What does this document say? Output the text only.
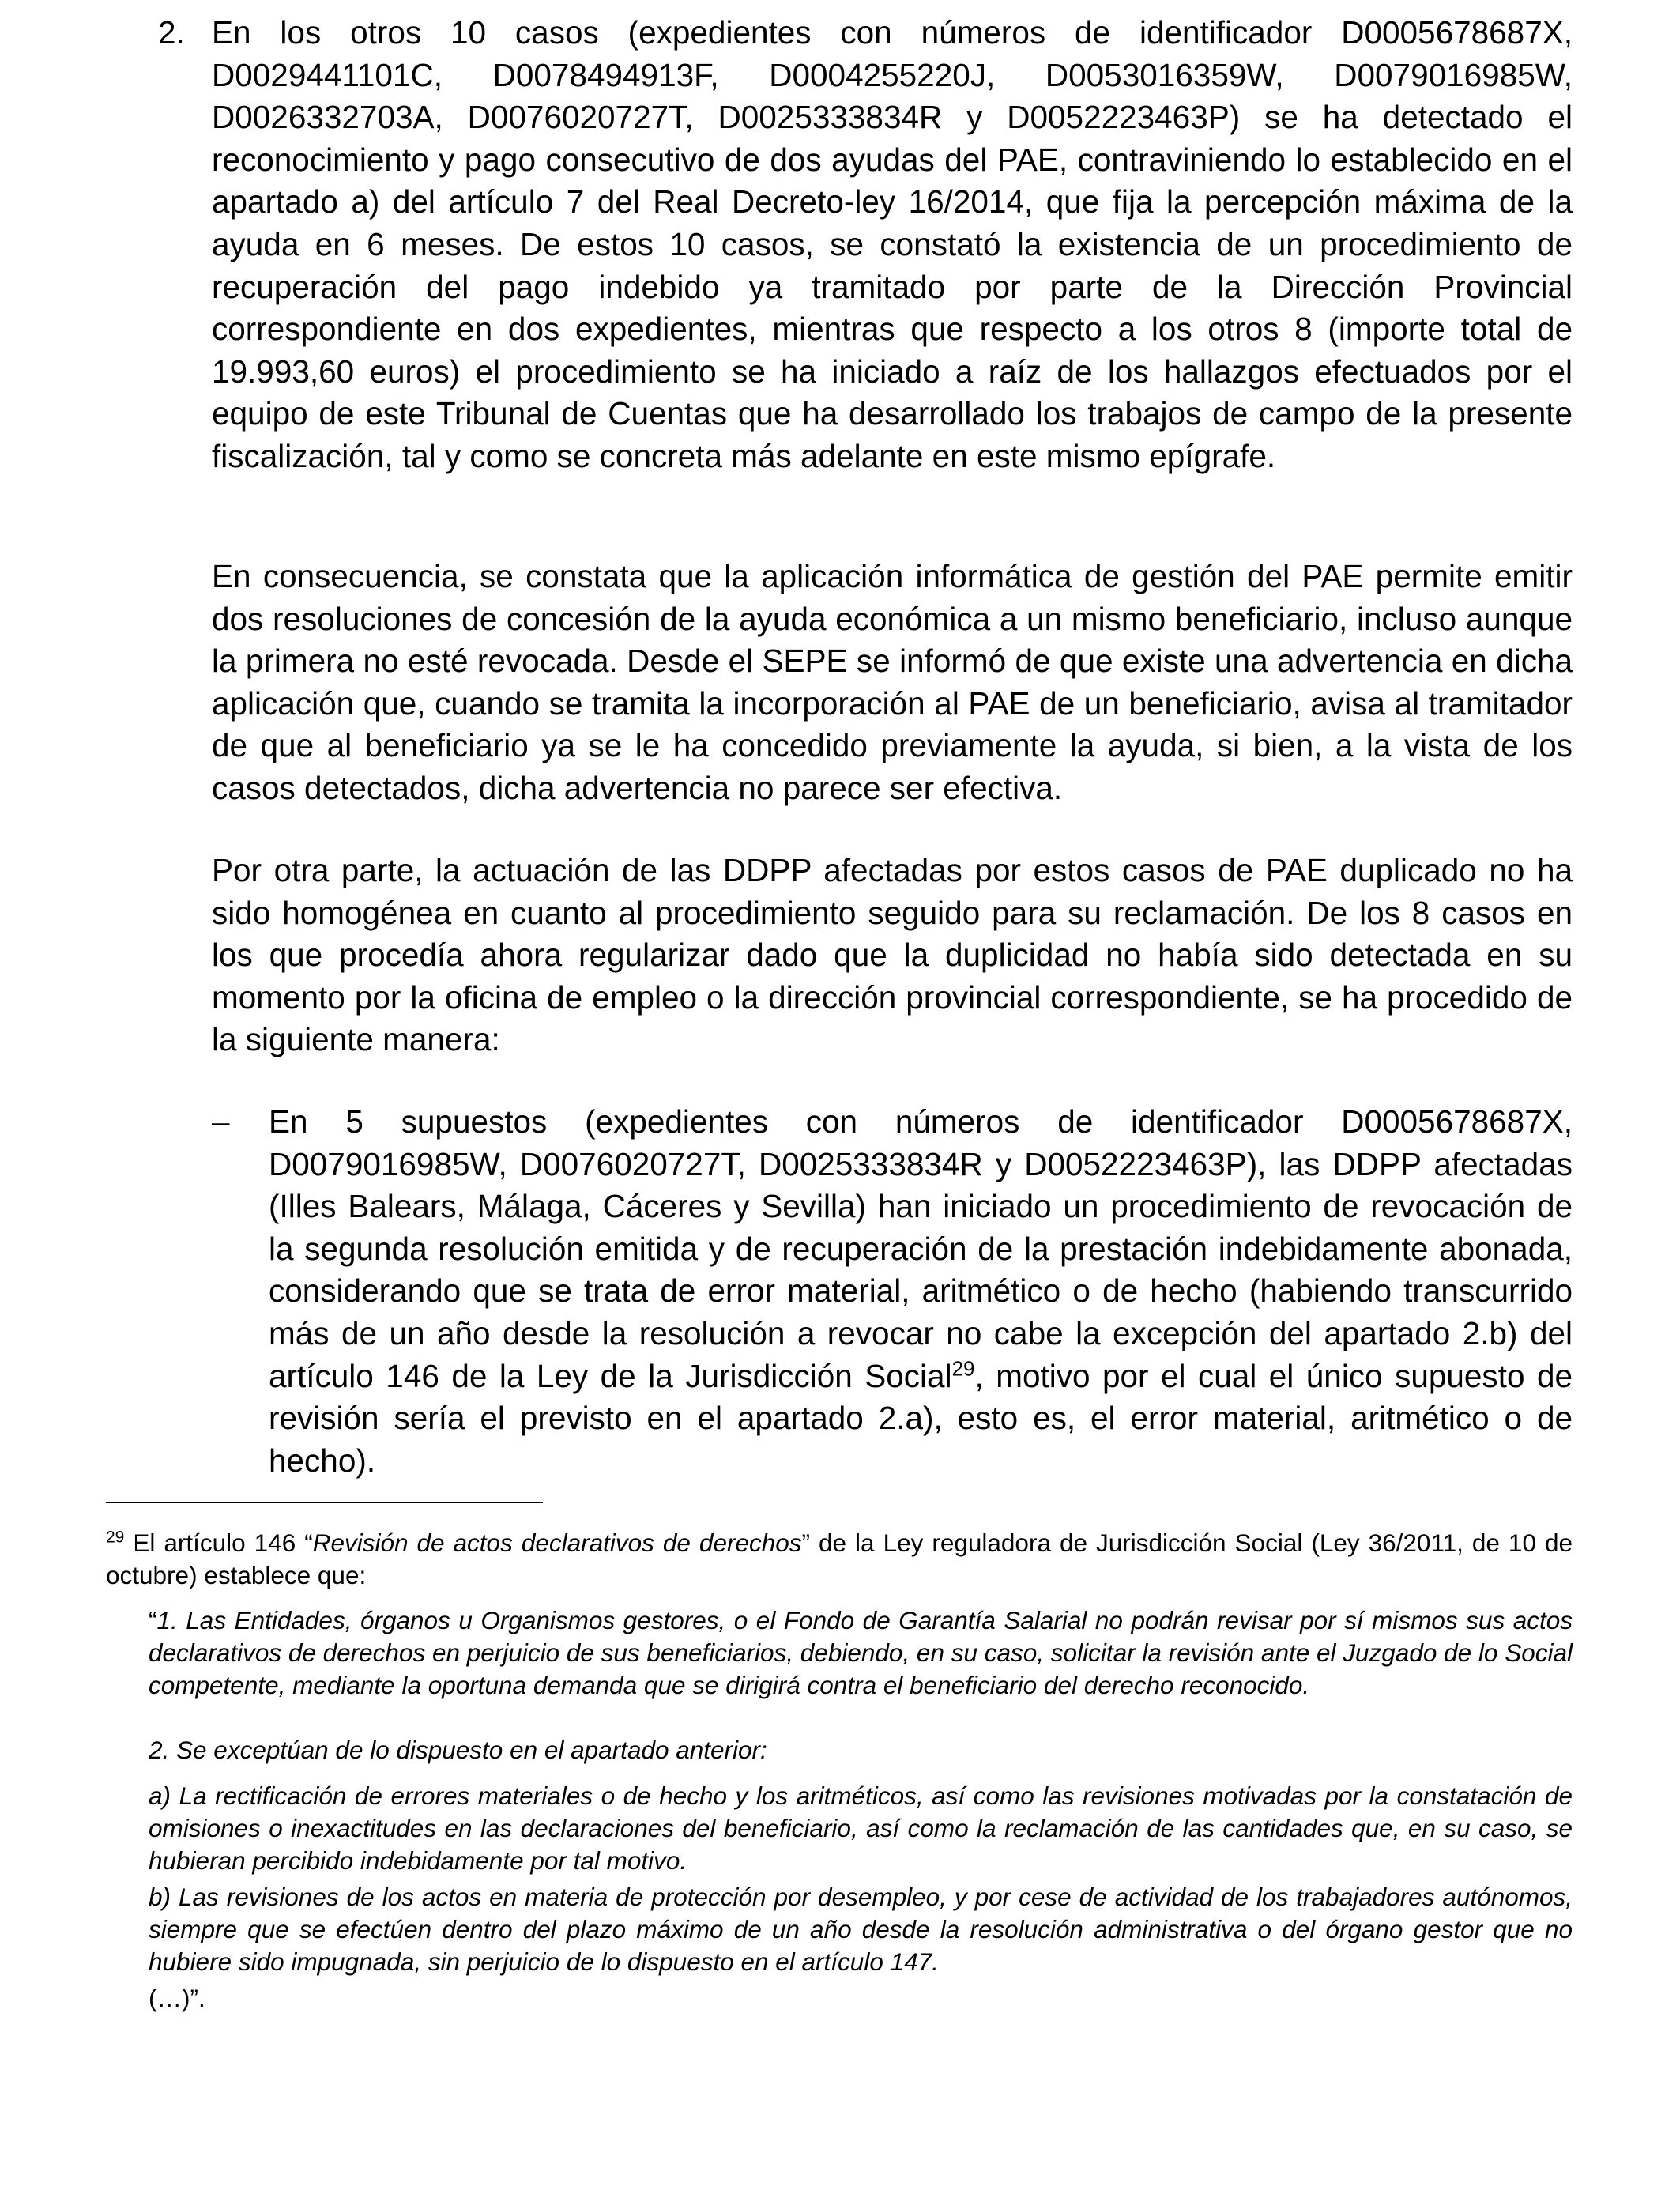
2. En los otros 10 casos (expedientes con números de identificador D0005678687X, D0029441101C, D0078494913F, D0004255220J, D0053016359W, D0079016985W, D0026332703A, D0076020727T, D0025333834R y D0052223463P) se ha detectado el reconocimiento y pago consecutivo de dos ayudas del PAE, contraviniendo lo establecido en el apartado a) del artículo 7 del Real Decreto-ley 16/2014, que fija la percepción máxima de la ayuda en 6 meses. De estos 10 casos, se constató la existencia de un procedimiento de recuperación del pago indebido ya tramitado por parte de la Dirección Provincial correspondiente en dos expedientes, mientras que respecto a los otros 8 (importe total de 19.993,60 euros) el procedimiento se ha iniciado a raíz de los hallazgos efectuados por el equipo de este Tribunal de Cuentas que ha desarrollado los trabajos de campo de la presente fiscalización, tal y como se concreta más adelante en este mismo epígrafe.
En consecuencia, se constata que la aplicación informática de gestión del PAE permite emitir dos resoluciones de concesión de la ayuda económica a un mismo beneficiario, incluso aunque la primera no esté revocada. Desde el SEPE se informó de que existe una advertencia en dicha aplicación que, cuando se tramita la incorporación al PAE de un beneficiario, avisa al tramitador de que al beneficiario ya se le ha concedido previamente la ayuda, si bien, a la vista de los casos detectados, dicha advertencia no parece ser efectiva.
Por otra parte, la actuación de las DDPP afectadas por estos casos de PAE duplicado no ha sido homogénea en cuanto al procedimiento seguido para su reclamación. De los 8 casos en los que procedía ahora regularizar dado que la duplicidad no había sido detectada en su momento por la oficina de empleo o la dirección provincial correspondiente, se ha procedido de la siguiente manera:
– En 5 supuestos (expedientes con números de identificador D0005678687X, D0079016985W, D0076020727T, D0025333834R y D0052223463P), las DDPP afectadas (Illes Balears, Málaga, Cáceres y Sevilla) han iniciado un procedimiento de revocación de la segunda resolución emitida y de recuperación de la prestación indebidamente abonada, considerando que se trata de error material, aritmético o de hecho (habiendo transcurrido más de un año desde la resolución a revocar no cabe la excepción del apartado 2.b) del artículo 146 de la Ley de la Jurisdicción Social$^{29}$, motivo por el cual el único supuesto de revisión sería el previsto en el apartado 2.a), esto es, el error material, aritmético o de hecho).
$^{29}$ El artículo 146 “Revisión de actos declarativos de derechos” de la Ley reguladora de Jurisdicción Social (Ley 36/2011, de 10 de octubre) establece que:
“1. Las Entidades, órganos u Organismos gestores, o el Fondo de Garantía Salarial no podrán revisar por sí mismos sus actos declarativos de derechos en perjuicio de sus beneficiarios, debiendo, en su caso, solicitar la revisión ante el Juzgado de lo Social competente, mediante la oportuna demanda que se dirigirá contra el beneficiario del derecho reconocido.
2. Se exceptúan de lo dispuesto en el apartado anterior:
a) La rectificación de errores materiales o de hecho y los aritméticos, así como las revisiones motivadas por la constatación de omisiones o inexactitudes en las declaraciones del beneficiario, así como la reclamación de las cantidades que, en su caso, se hubieran percibido indebidamente por tal motivo.
b) Las revisiones de los actos en materia de protección por desempleo, y por cese de actividad de los trabajadores autónomos, siempre que se efectúen dentro del plazo máximo de un año desde la resolución administrativa o del órgano gestor que no hubiere sido impugnada, sin perjuicio de lo dispuesto en el artículo 147.
(…)”.
